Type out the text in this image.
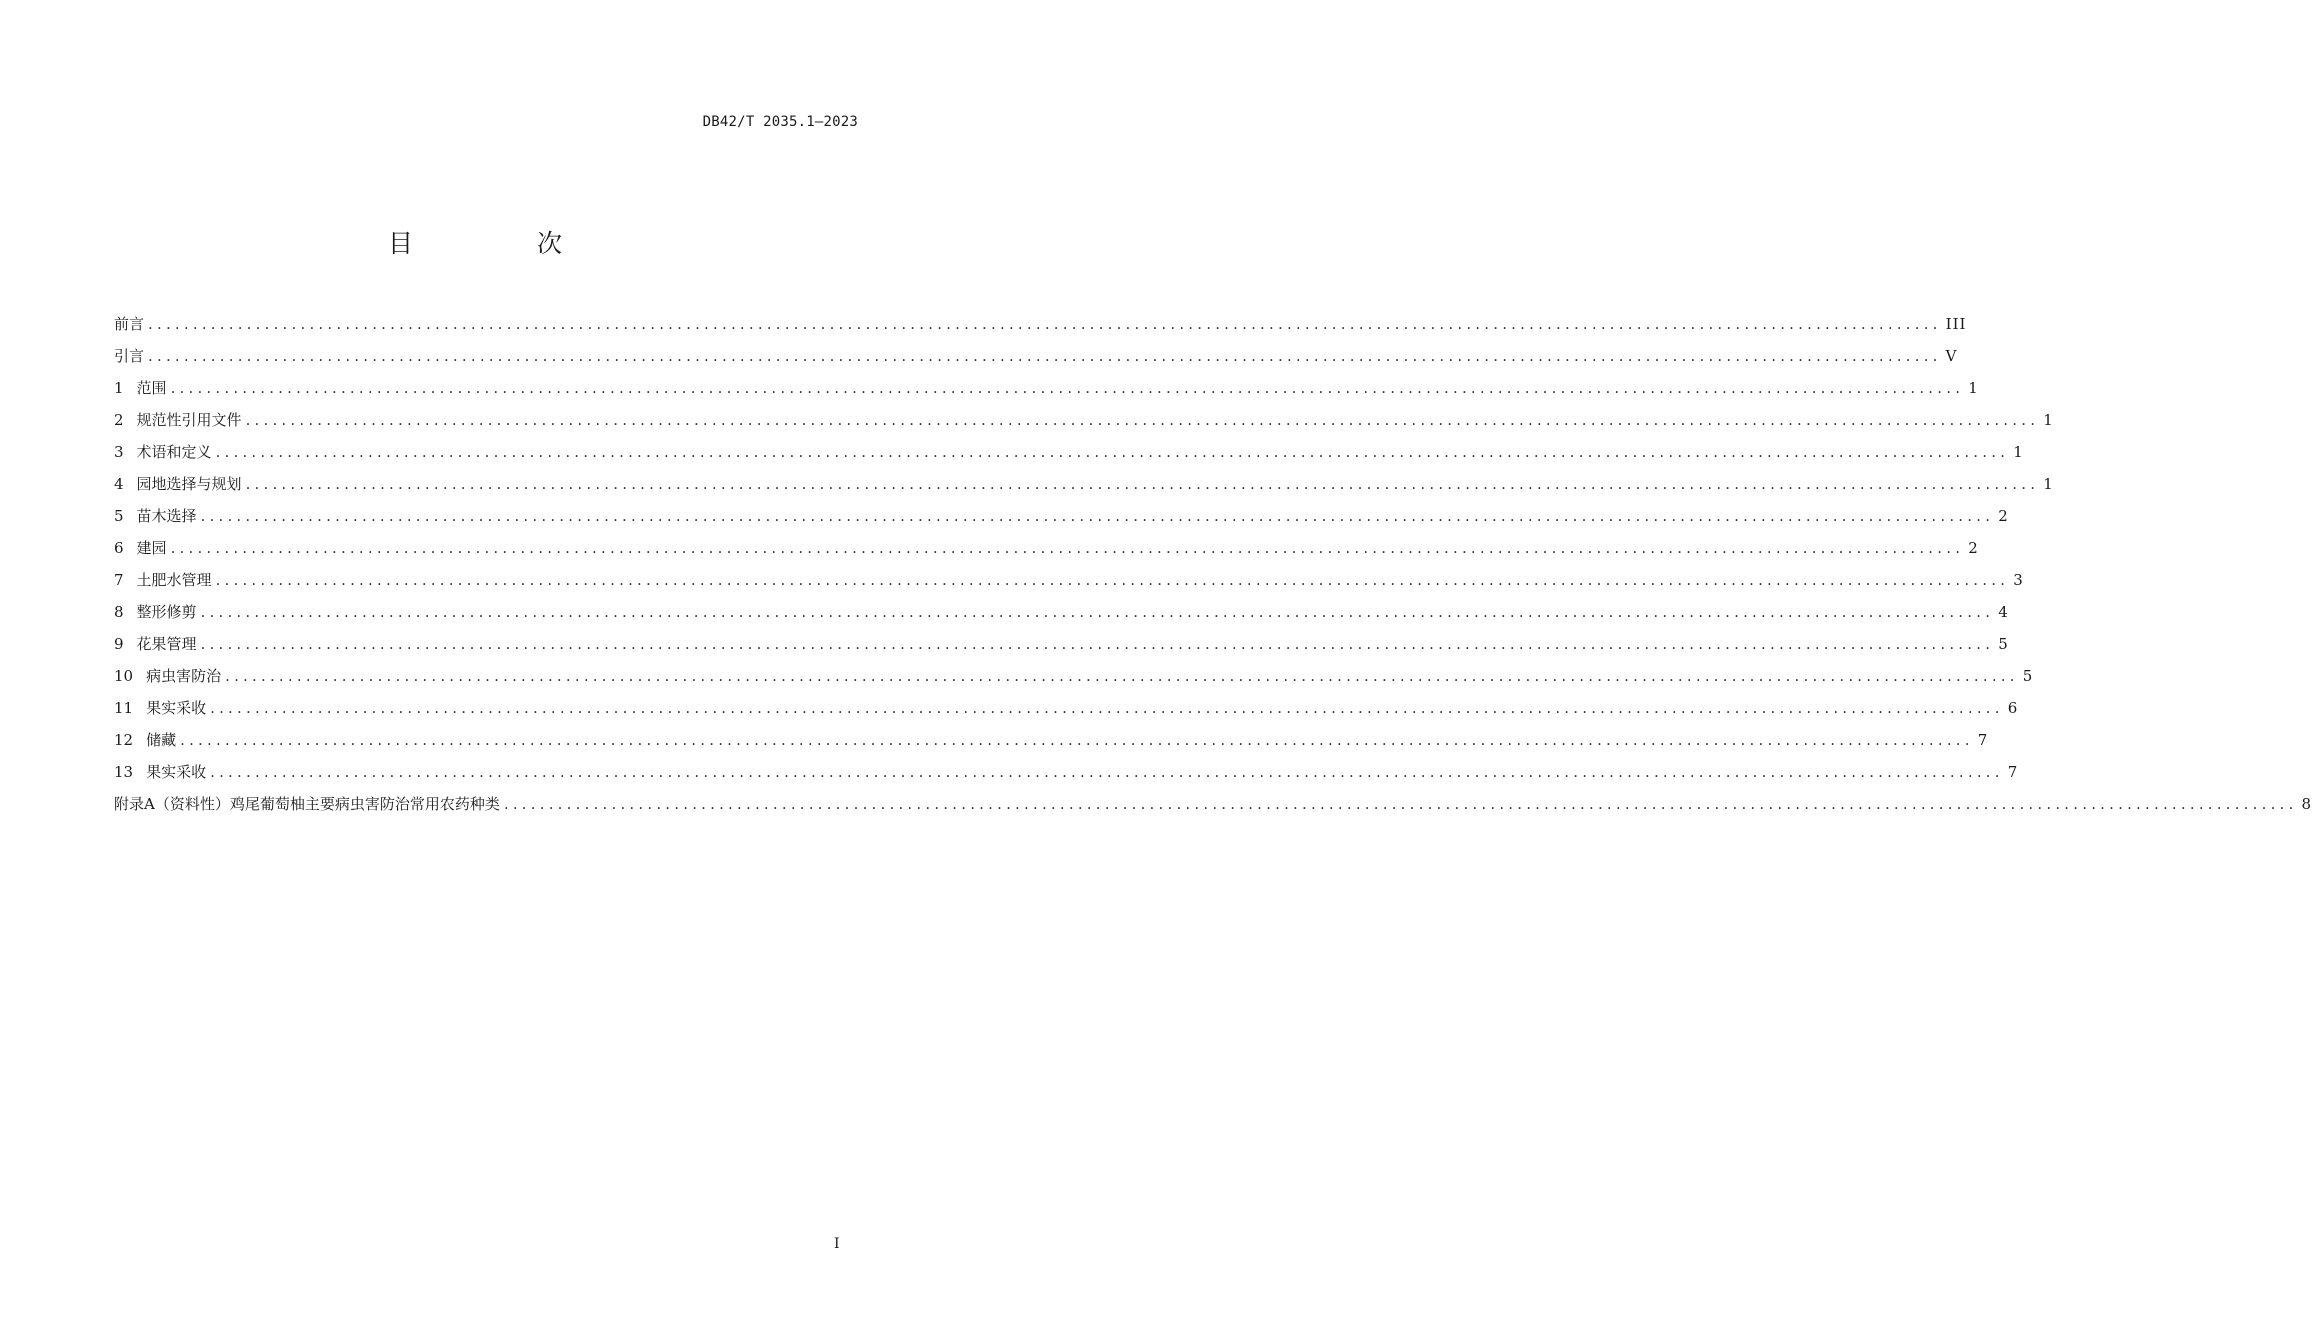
DB42/T 2035.1—2023
目 次
前言 ........................................................................................................................................................................................................ III
引言 ........................................................................................................................................................................................................ V
1 范围 ........................................................................................................................................................................................................ 1
2 规范性引用文件 ........................................................................................................................................................................................................ 1
3 术语和定义 ........................................................................................................................................................................................................ 1
4 园地选择与规划 ........................................................................................................................................................................................................ 1
5 苗木选择 ........................................................................................................................................................................................................ 2
6 建园 ........................................................................................................................................................................................................ 2
7 土肥水管理 ........................................................................................................................................................................................................ 3
8 整形修剪 ........................................................................................................................................................................................................ 4
9 花果管理 ........................................................................................................................................................................................................ 5
10 病虫害防治 ........................................................................................................................................................................................................ 5
11 果实采收 ........................................................................................................................................................................................................ 6
12 储藏 ........................................................................................................................................................................................................ 7
13 果实采收 ........................................................................................................................................................................................................ 7
附录A（资料性） 鸡尾葡萄柚主要病虫害防治常用农药种类 ........................................................................................................................................................................................................ 8
I
